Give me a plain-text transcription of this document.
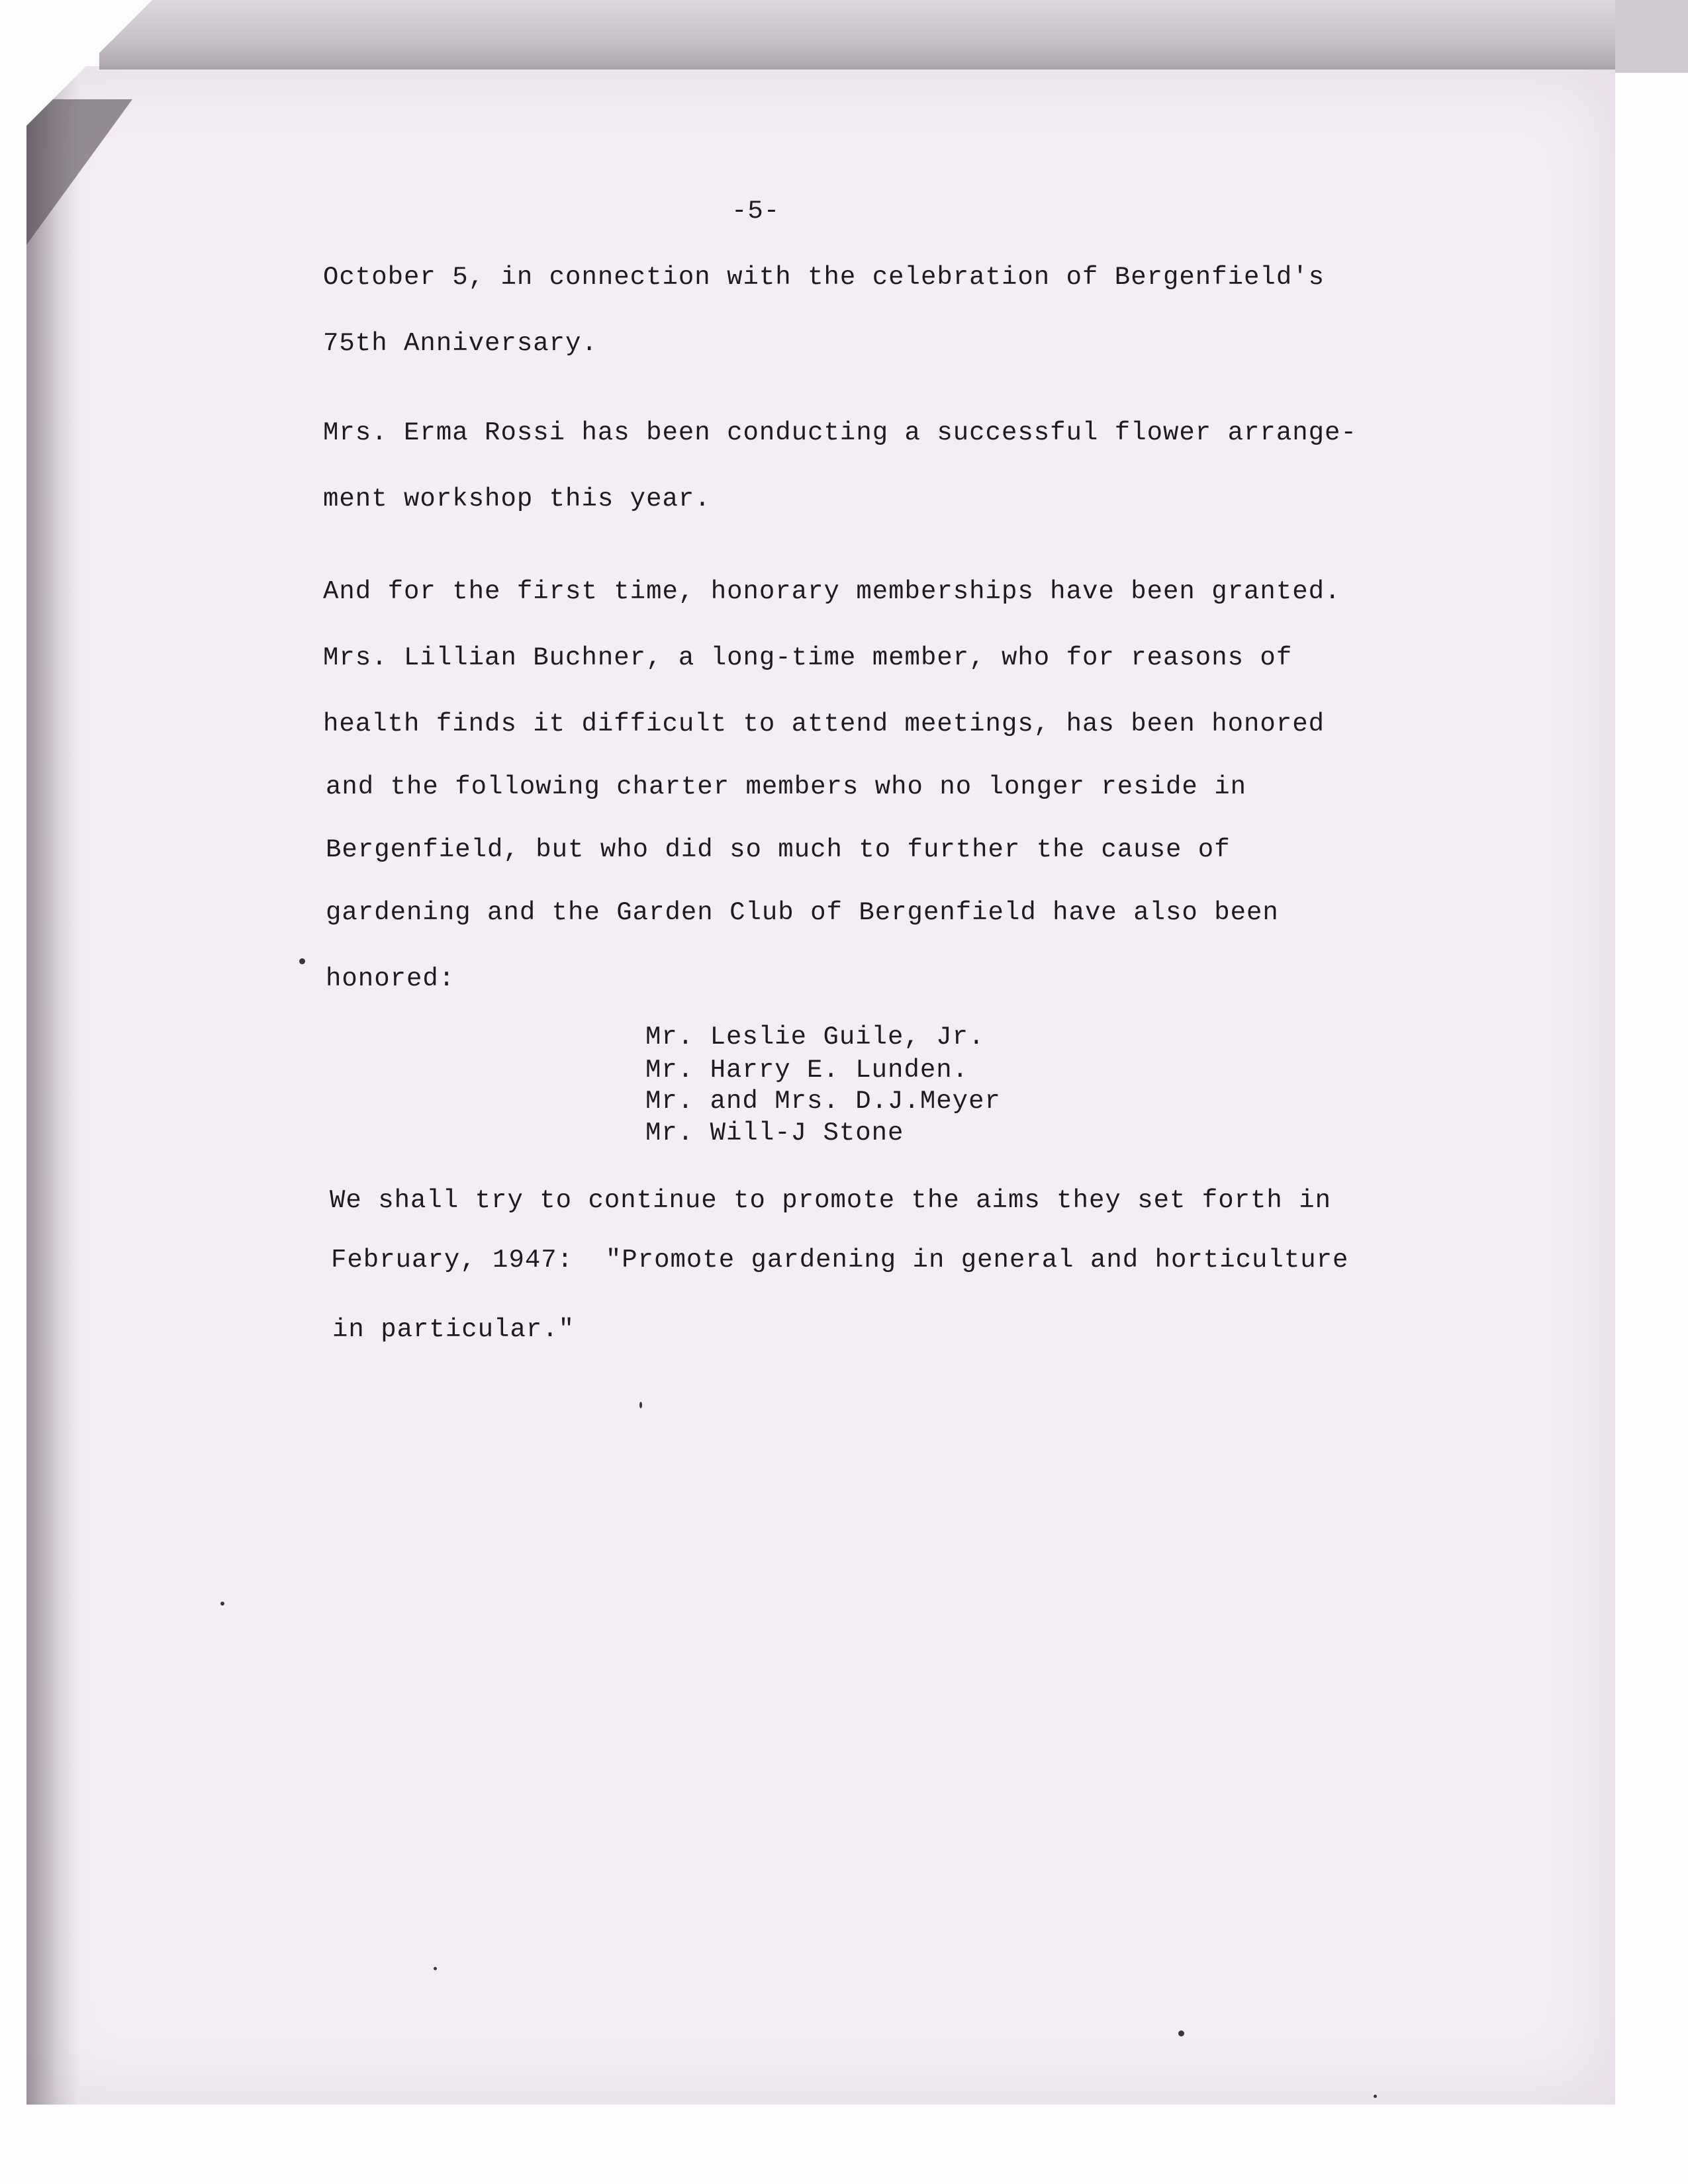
-5-

October 5, in connection with the celebration of Bergenfield's

75th Anniversary.

Mrs. Erma Rossi has been conducting a successful flower arrange-

ment workshop this year.

And for the first time, honorary memberships have been granted.

Mrs. Lillian Buchner, a long-time member, who for reasons of

health finds it difficult to attend meetings, has been honored

and the following charter members who no longer reside in

Bergenfield, but who did so much to further the cause of

gardening and the Garden Club of Bergenfield have also been

honored:

Mr. Leslie Guile, Jr.

Mr. Harry E. Lunden.

Mr. and Mrs. D.J.Meyer

Mr. Will-J Stone

We shall try to continue to promote the aims they set forth in

February, 1947:  "Promote gardening in general and horticulture

in particular."
